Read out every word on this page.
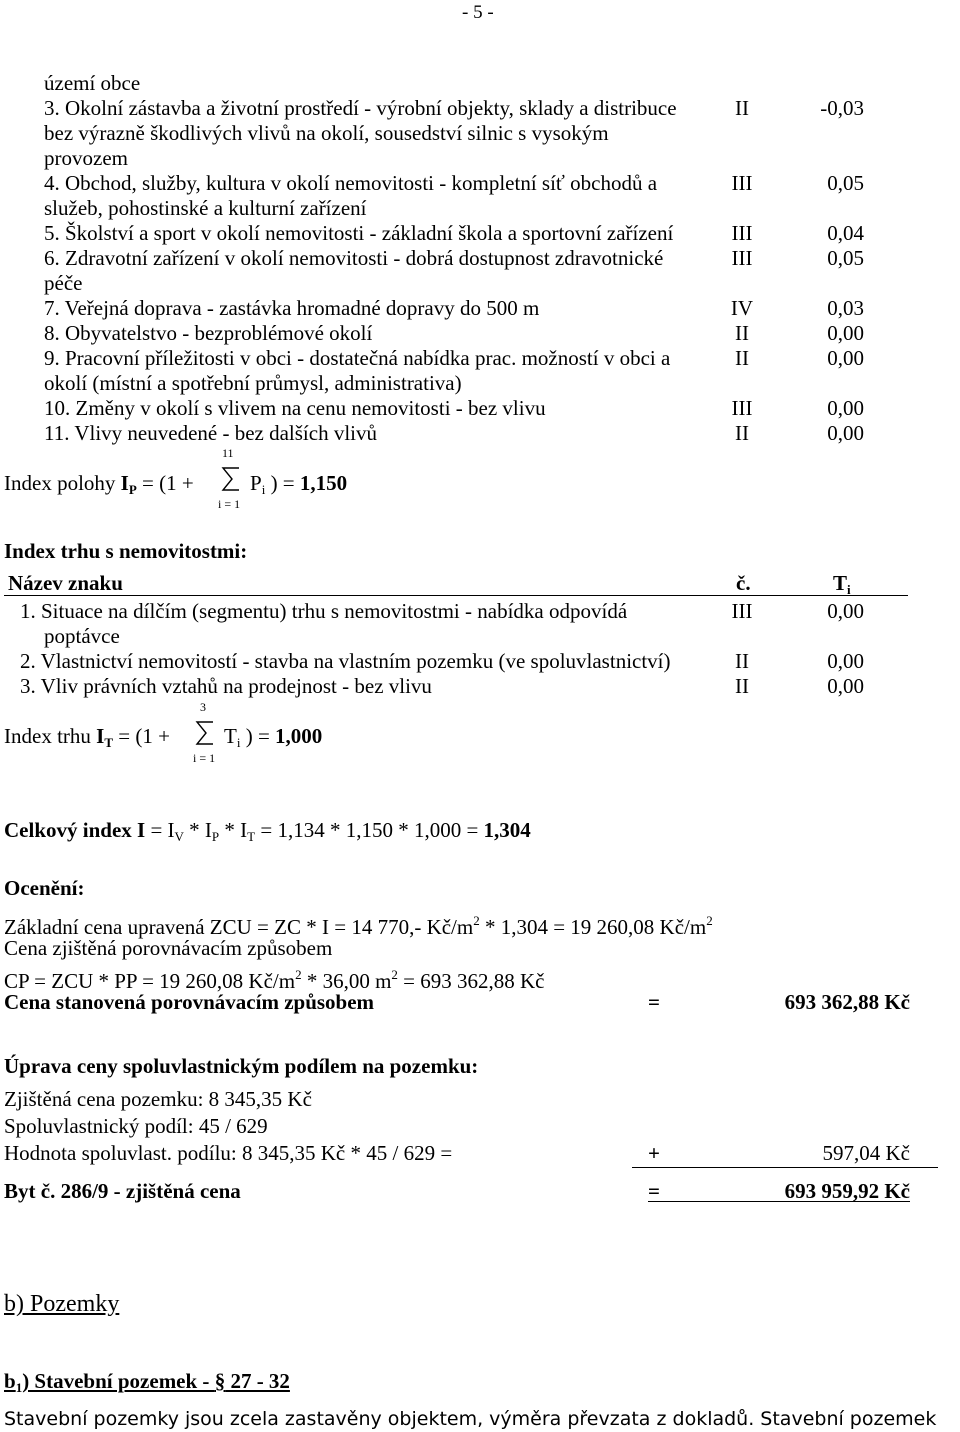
- 5 -
území obce
3. Okolní zástavba a životní prostředí - výrobní objekty, sklady a distribuce	II	-0,03
bez výrazně škodlivých vlivů na okolí, sousedství silnic s vysokým
provozem
4. Obchod, služby, kultura v okolí nemovitosti - kompletní síť obchodů a	III	0,05
služeb, pohostinské a kulturní zařízení
5. Školství a sport v okolí nemovitosti - základní škola a sportovní zařízení	III	0,04
6. Zdravotní zařízení v okolí nemovitosti - dobrá dostupnost zdravotnické	III	0,05
péče
7. Veřejná doprava - zastávka hromadné dopravy do 500 m	IV	0,03
8. Obyvatelstvo - bezproblémové okolí	II	0,00
9. Pracovní příležitosti v obci - dostatečná nabídka prac. možností v obci a	II	0,00
okolí (místní a spotřební průmysl, administrativa)
10. Změny v okolí s vlivem na cenu nemovitosti - bez vlivu	III	0,00
11. Vlivy neuvedené - bez dalších vlivů	II	0,00
11
i = 1
Index polohy $I_P = (1$ +	$P_i$ ) = 1,150
Index trhu s nemovitostmi:
Název znaku	č.	$T_i$
1. Situace na dílčím (segmentu) trhu s nemovitostmi - nabídka odpovídá	III	0,00
poptávce
2. Vlastnictví nemovitostí - stavba na vlastním pozemku (ve spoluvlastnictví)	II	0,00
3. Vliv právních vztahů na prodejnost - bez vlivu	II	0,00
3
i = 1
Index trhu $I_T = (1$ +	$T_i$ ) = 1,000
Celkový index $I = I_V * I_P * I_T = 1,134 * 1,150 * 1,000 = 1,304$
Ocenění:
Základní cena upravená ZCU = ZC * I = 14 770,- $Kč/m^2 * 1,304 = 19$ 260,08 $Kč/m^2$
Cena zjištěná porovnávacím způsobem
CP = ZCU * PP = 19 260,08 $Kč/m^2 * 36,00$ $m^2 = 693$ 362,88 Kč
Cena stanovená porovnávacím způsobem	=	693 362,88 Kč
Úprava ceny spoluvlastnickým podílem na pozemku:
Zjištěná cena pozemku: 8 345,35 Kč
Spoluvlastnický podíl: 45 / 629
Hodnota spoluvlast. podílu: 8 345,35 Kč * 45 / 629 =	+	597,04 Kč
Byt č. 286/9 - zjištěná cena	=	693 959,92 Kč
b) Pozemky
$b_1$) Stavební pozemek - § 27 - 32
Stavební pozemky jsou zcela zastavěny objektem, výměra převzata z dokladů. Stavební pozemek
